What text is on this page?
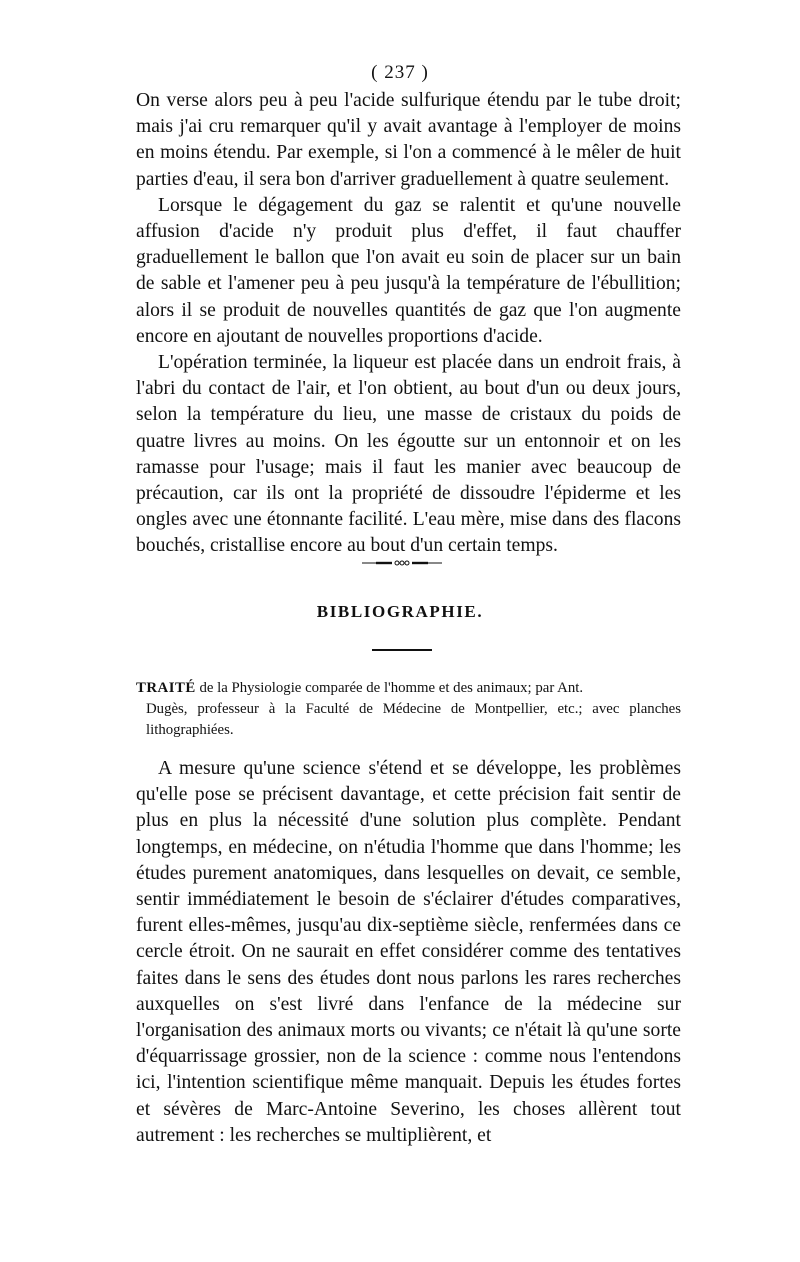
( 237 )

On verse alors peu à peu l'acide sulfurique étendu par le tube droit; mais j'ai cru remarquer qu'il y avait avantage à l'employer de moins en moins étendu. Par exemple, si l'on a commencé à le mêler de huit parties d'eau, il sera bon d'arriver graduellement à quatre seulement.

Lorsque le dégagement du gaz se ralentit et qu'une nouvelle affusion d'acide n'y produit plus d'effet, il faut chauffer graduellement le ballon que l'on avait eu soin de placer sur un bain de sable et l'amener peu à peu jusqu'à la température de l'ébullition; alors il se produit de nouvelles quantités de gaz que l'on augmente encore en ajoutant de nouvelles proportions d'acide.

L'opération terminée, la liqueur est placée dans un endroit frais, à l'abri du contact de l'air, et l'on obtient, au bout d'un ou deux jours, selon la température du lieu, une masse de cristaux du poids de quatre livres au moins. On les égoutte sur un entonnoir et on les ramasse pour l'usage; mais il faut les manier avec beaucoup de précaution, car ils ont la propriété de dissoudre l'épiderme et les ongles avec une étonnante facilité. L'eau mère, mise dans des flacons bouchés, cristallise encore au bout d'un certain temps.

BIBLIOGRAPHIE.
TRAITÉ de la Physiologie comparée de l'homme et des animaux; par Ant.
Dugès, professeur à la Faculté de Médecine de Montpellier, etc.; avec planches lithographiées.

A mesure qu'une science s'étend et se développe, les problèmes qu'elle pose se précisent davantage, et cette précision fait sentir de plus en plus la nécessité d'une solution plus complète. Pendant longtemps, en médecine, on n'étudia l'homme que dans l'homme; les études purement anatomiques, dans lesquelles on devait, ce semble, sentir immédiatement le besoin de s'éclairer d'études comparatives, furent elles-mêmes, jusqu'au dix-septième siècle, renfermées dans ce cercle étroit. On ne saurait en effet considérer comme des tentatives faites dans le sens des études dont nous parlons les rares recherches auxquelles on s'est livré dans l'enfance de la médecine sur l'organisation des animaux morts ou vivants; ce n'était là qu'une sorte d'équarrissage grossier, non de la science : comme nous l'entendons ici, l'intention scientifique même manquait. Depuis les études fortes et sévères de Marc-Antoine Severino, les choses allèrent tout autrement : les recherches se multiplièrent, et
